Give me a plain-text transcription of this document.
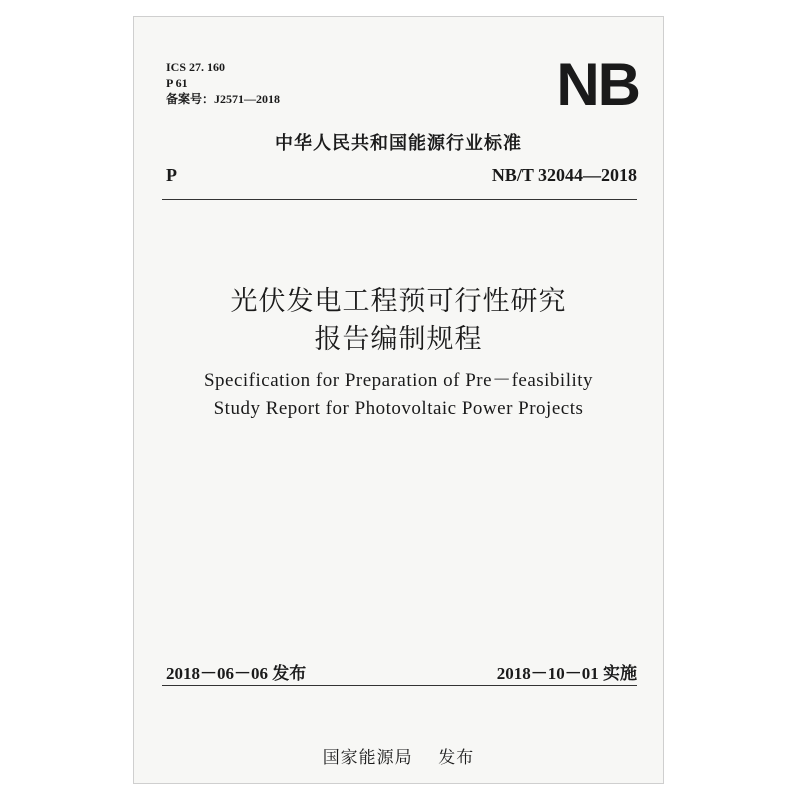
ICS 27. 160
P 61
备案号：J2571—2018	NB
中华人民共和国能源行业标准
P	NB/T 32044—2018
光伏发电工程预可行性研究
报告编制规程
Specification for Preparation of Pre－feasibility
Study Report for Photovoltaic Power Projects
2018－06－06 发布	2018－10－01 实施
国家能源局    发布
